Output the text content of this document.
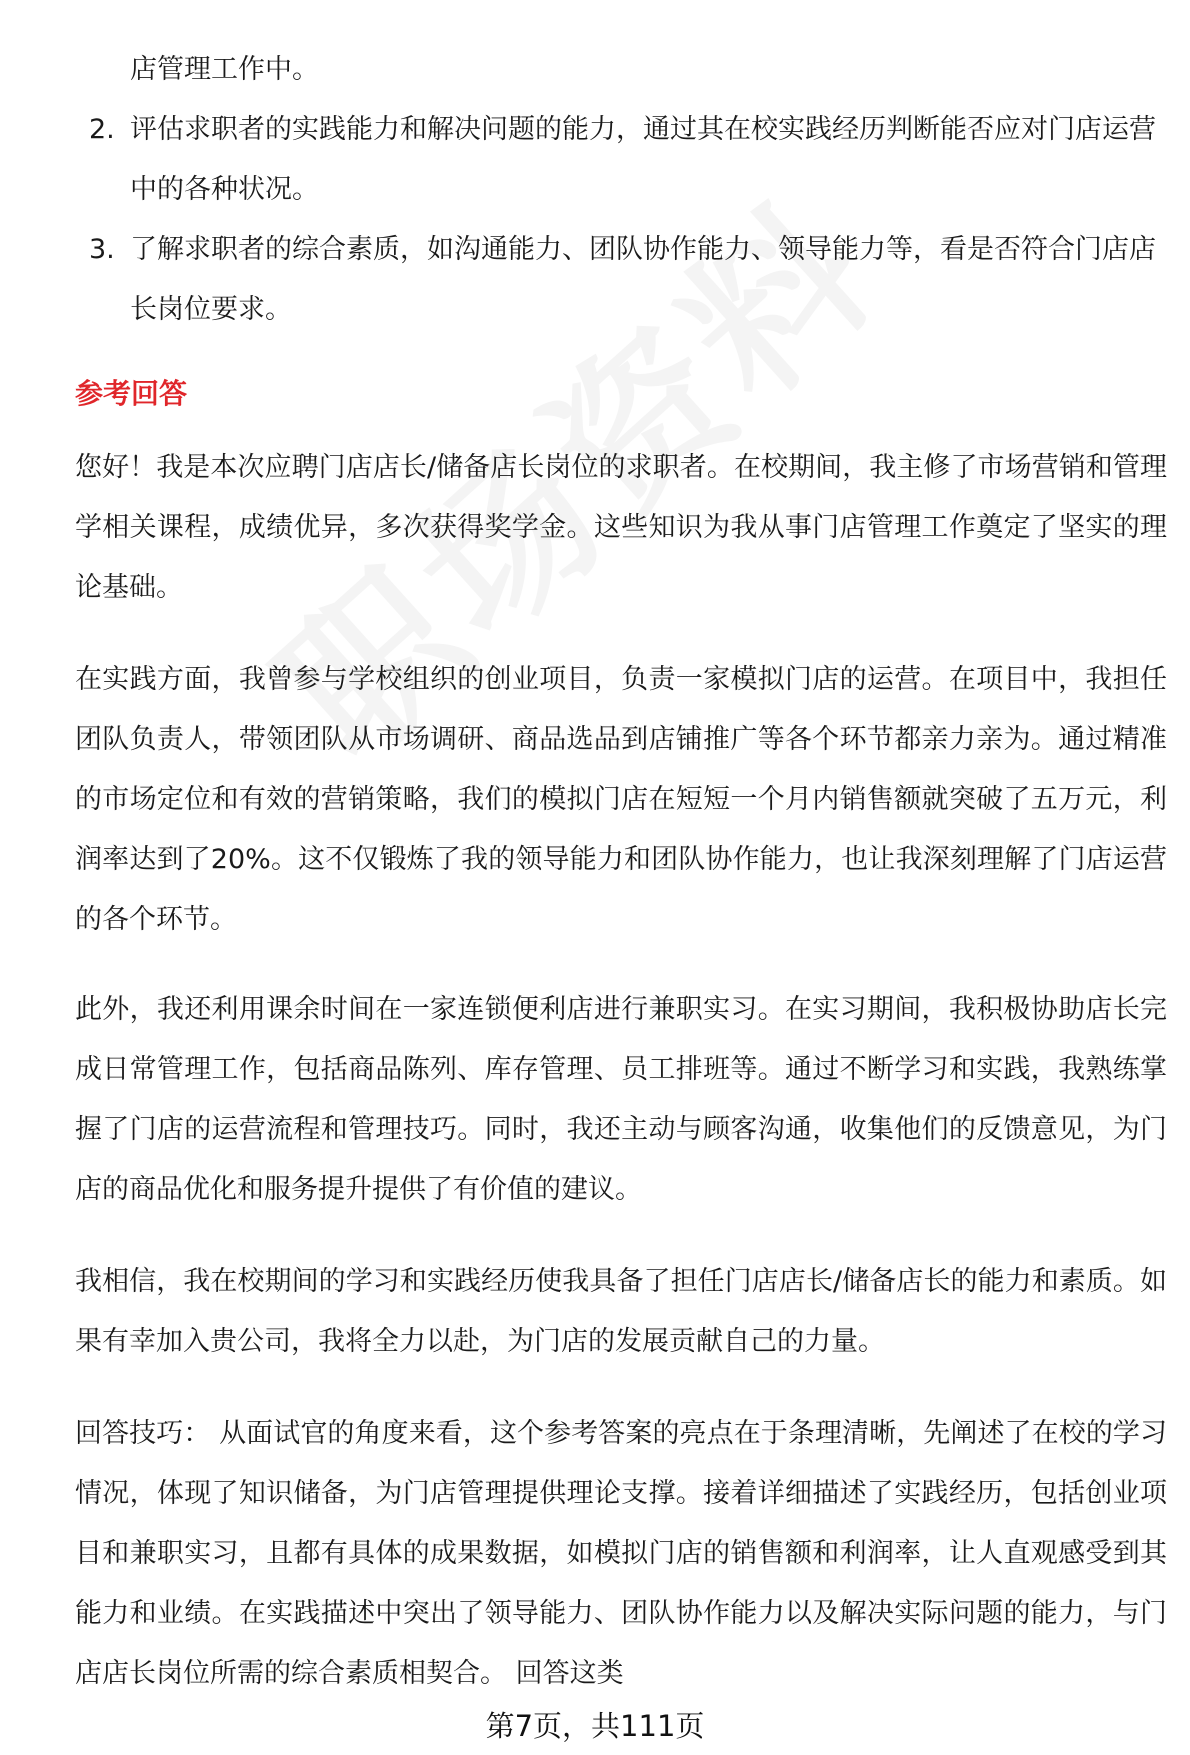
店管理工作中。

2. 评估求职者的实践能力和解决问题的能力，通过其在校实践经历判断能否应对门店运营中的各种状况。
3. 了解求职者的综合素质，如沟通能力、团队协作能力、领导能力等，看是否符合门店店长岗位要求。
参考回答

您好！我是本次应聘门店店长/储备店长岗位的求职者。在校期间，我主修了市场营销和管理学相关课程，成绩优异，多次获得奖学金。这些知识为我从事门店管理工作奠定了坚实的理论基础。

在实践方面，我曾参与学校组织的创业项目，负责一家模拟门店的运营。在项目中，我担任团队负责人，带领团队从市场调研、商品选品到店铺推广等各个环节都亲力亲为。通过精准的市场定位和有效的营销策略，我们的模拟门店在短短一个月内销售额就突破了五万元，利润率达到了20%。这不仅锻炼了我的领导能力和团队协作能力，也让我深刻理解了门店运营的各个环节。

此外，我还利用课余时间在一家连锁便利店进行兼职实习。在实习期间，我积极协助店长完成日常管理工作，包括商品陈列、库存管理、员工排班等。通过不断学习和实践，我熟练掌握了门店的运营流程和管理技巧。同时，我还主动与顾客沟通，收集他们的反馈意见，为门店的商品优化和服务提升提供了有价值的建议。

我相信，我在校期间的学习和实践经历使我具备了担任门店店长/储备店长的能力和素质。如果有幸加入贵公司，我将全力以赴，为门店的发展贡献自己的力量。

回答技巧： 从面试官的角度来看，这个参考答案的亮点在于条理清晰，先阐述了在校的学习情况，体现了知识储备，为门店管理提供理论支撑。接着详细描述了实践经历，包括创业项目和兼职实习，且都有具体的成果数据，如模拟门店的销售额和利润率，让人直观感受到其能力和业绩。在实践描述中突出了领导能力、团队协作能力以及解决实际问题的能力，与门店店长岗位所需的综合素质相契合。 回答这类

第7页，共111页
